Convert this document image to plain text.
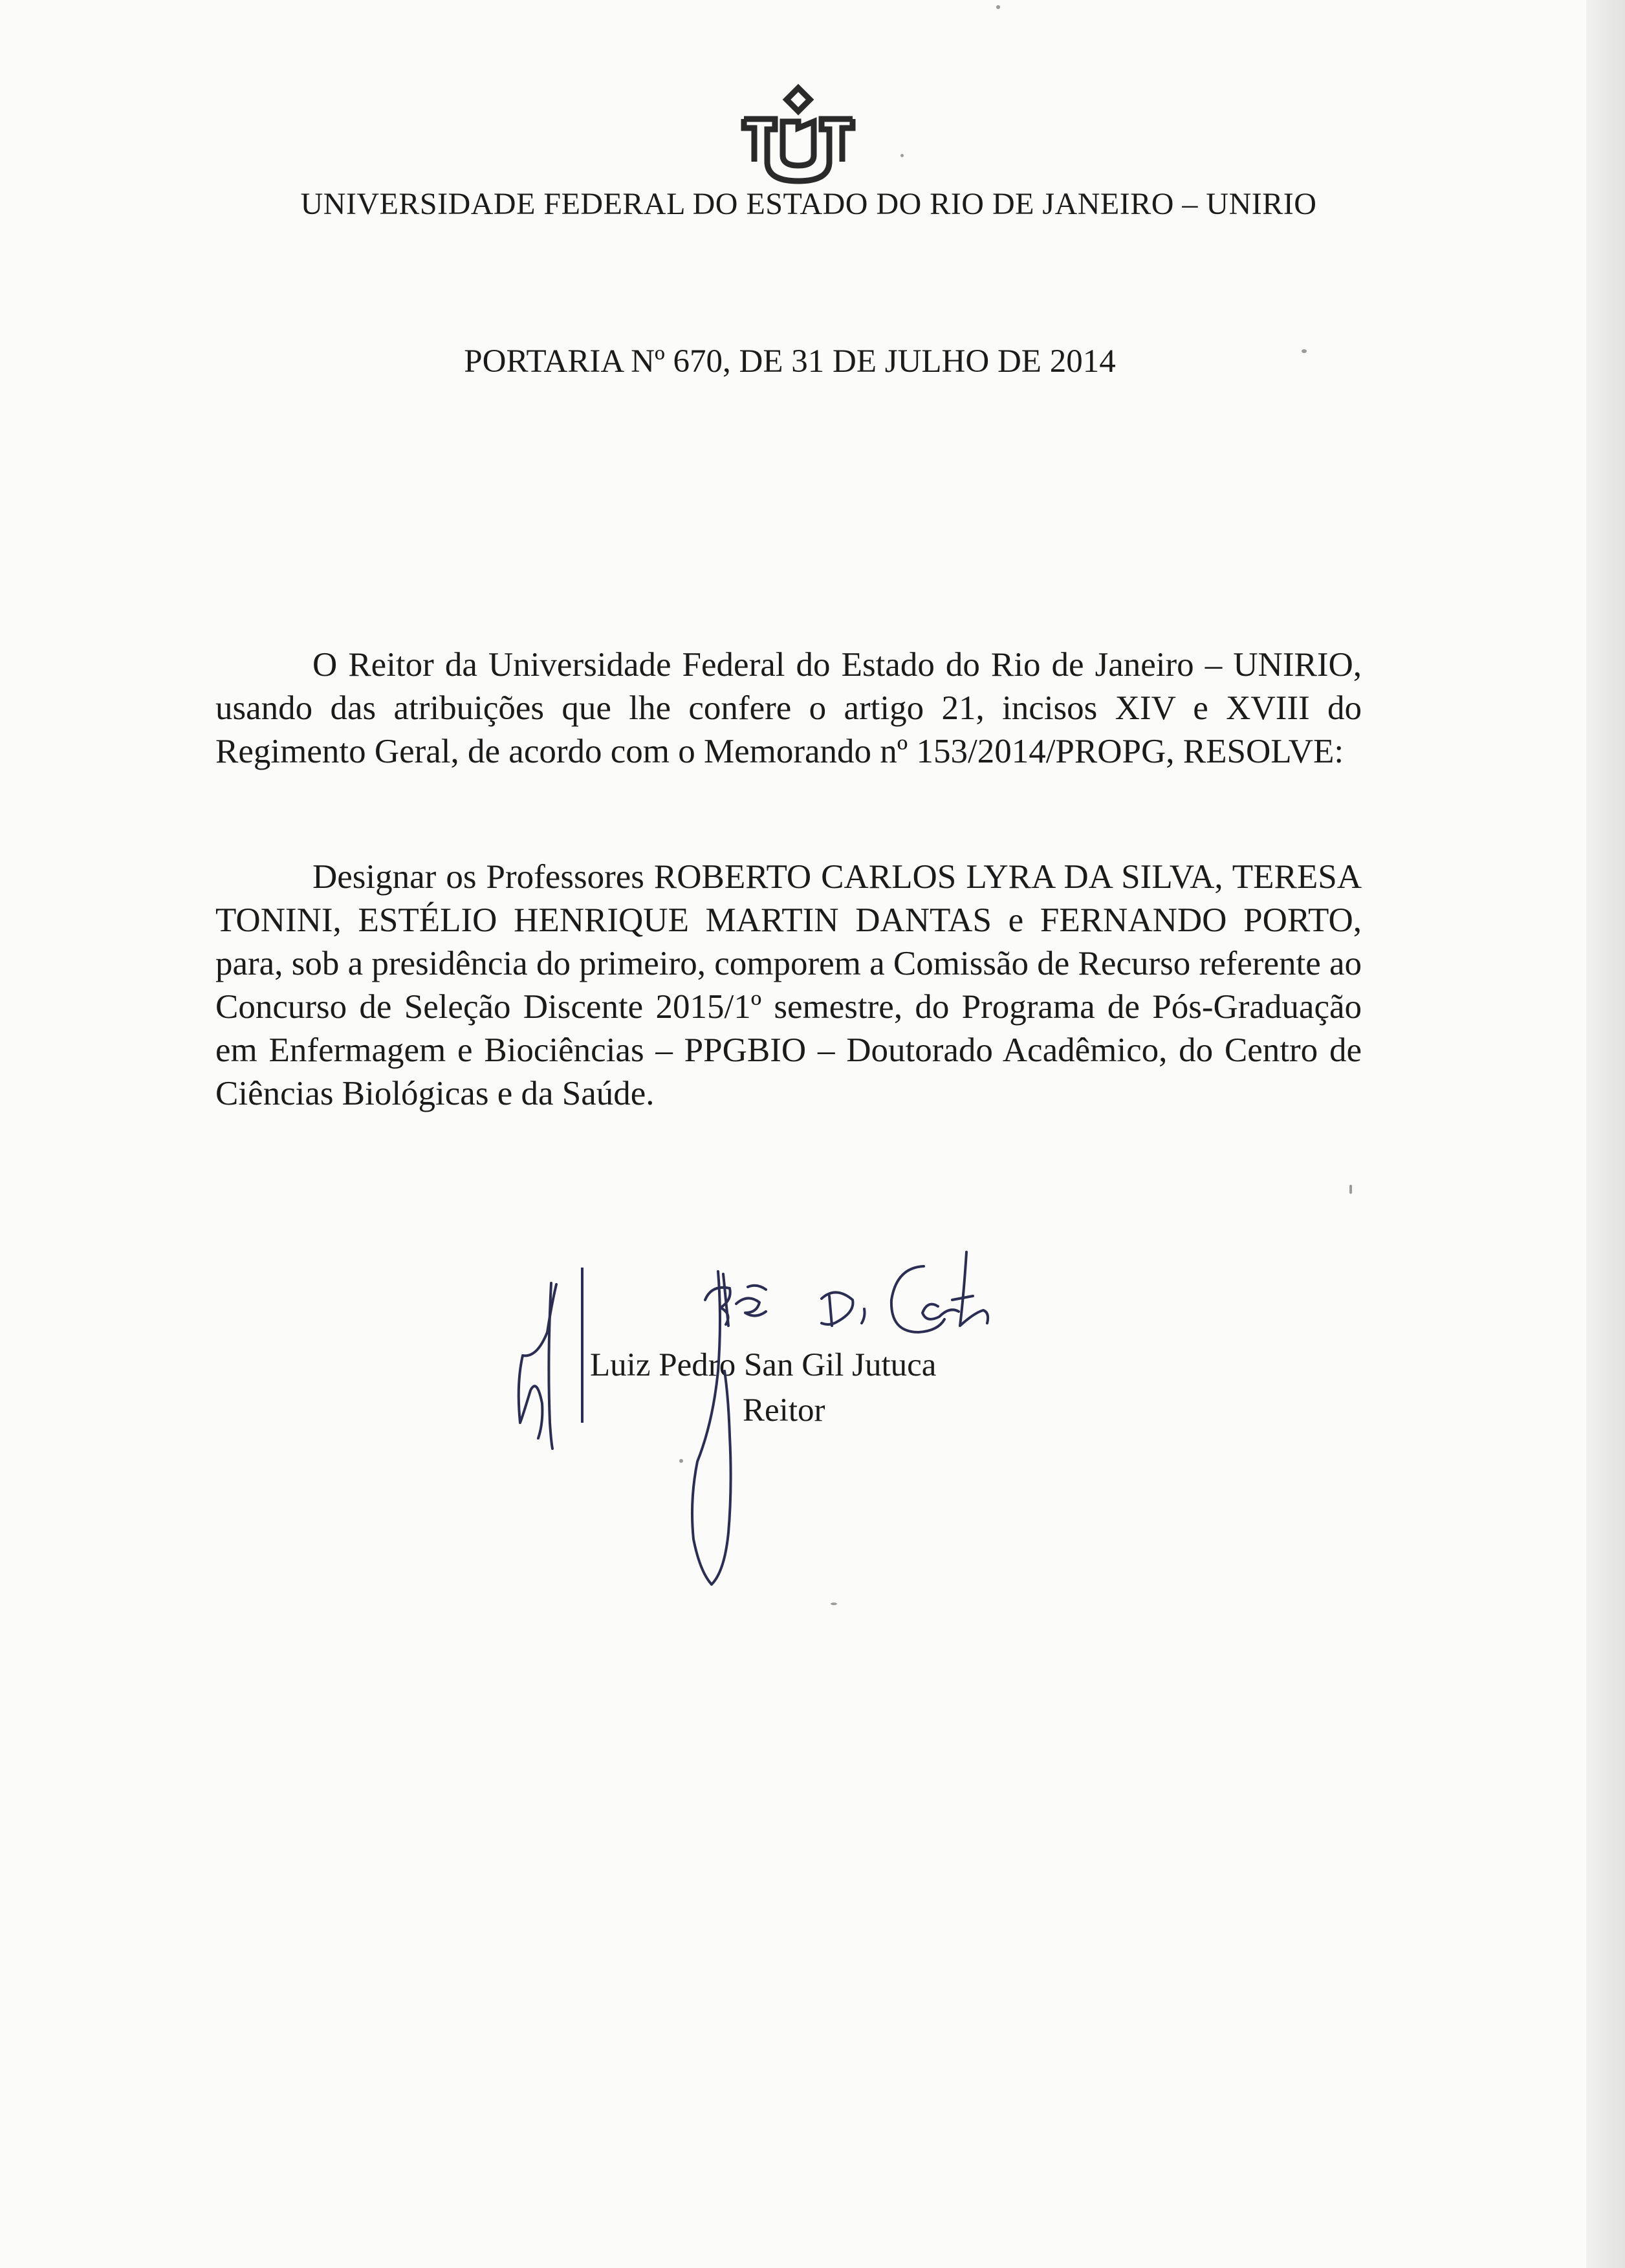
UNIVERSIDADE FEDERAL DO ESTADO DO RIO DE JANEIRO – UNIRIO
PORTARIA Nº 670, DE 31 DE JULHO DE 2014

O Reitor da Universidade Federal do Estado do Rio de Janeiro – UNIRIO, usando das atribuições que lhe confere o artigo 21, incisos XIV e XVIII do Regimento Geral, de acordo com o Memorando nº 153/2014/PROPG, RESOLVE:

Designar os Professores ROBERTO CARLOS LYRA DA SILVA, TERESA TONINI, ESTÉLIO HENRIQUE MARTIN DANTAS e FERNANDO PORTO, para, sob a presidência do primeiro, comporem a Comissão de Recurso referente ao Concurso de Seleção Discente 2015/1º semestre, do Programa de Pós-Graduação em Enfermagem e Biociências – PPGBIO – Doutorado Acadêmico, do Centro de Ciências Biológicas e da Saúde.

Luiz Pedro San Gil Jutuca
Reitor
